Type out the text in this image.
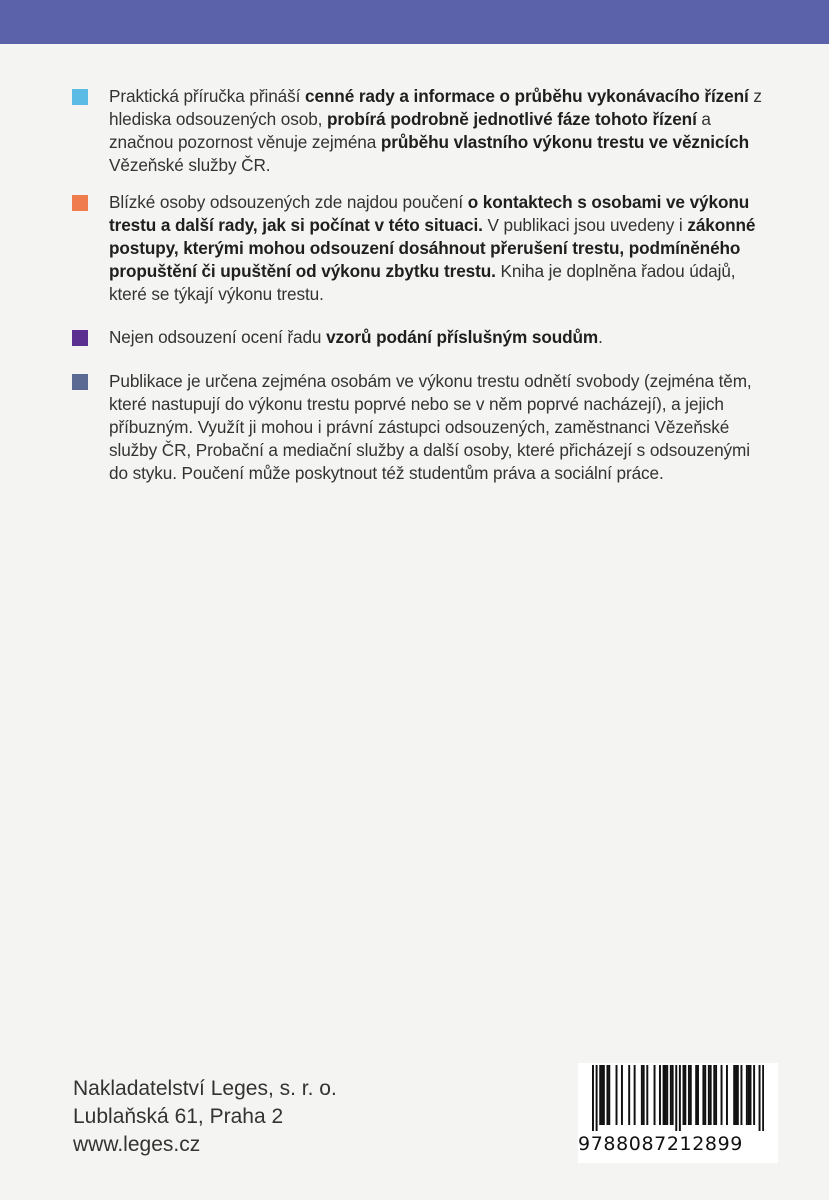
Praktická příručka přináší cenné rady a informace o průběhu vykonávacího řízení z hlediska odsouzených osob, probírá podrobně jednotlivé fáze tohoto řízení a značnou pozornost věnuje zejména průběhu vlastního výkonu trestu ve věznicích Vězeňské služby ČR.
Blízké osoby odsouzených zde najdou poučení o kontaktech s osobami ve výkonu trestu a další rady, jak si počínat v této situaci. V publikaci jsou uvedeny i zákonné postupy, kterými mohou odsouzení dosáhnout přerušení trestu, podmíněného propuštění či upuštění od výkonu zbytku trestu. Kniha je doplněna řadou údajů, které se týkají výkonu trestu.
Nejen odsouzení ocení řadu vzorů podání příslušným soudům.
Publikace je určena zejména osobám ve výkonu trestu odnětí svobody (zejména těm, které nastupují do výkonu trestu poprvé nebo se v něm poprvé nacházejí), a jejich příbuzným. Využít ji mohou i právní zástupci odsouzených, zaměstnanci Vězeňské služby ČR, Probační a mediační služby a další osoby, které přicházejí s odsouzenými do styku. Poučení může poskytnout též studentům práva a sociální práce.
Nakladatelství Leges, s. r. o.
Lublaňská 61, Praha 2
www.leges.cz	9788087212899
